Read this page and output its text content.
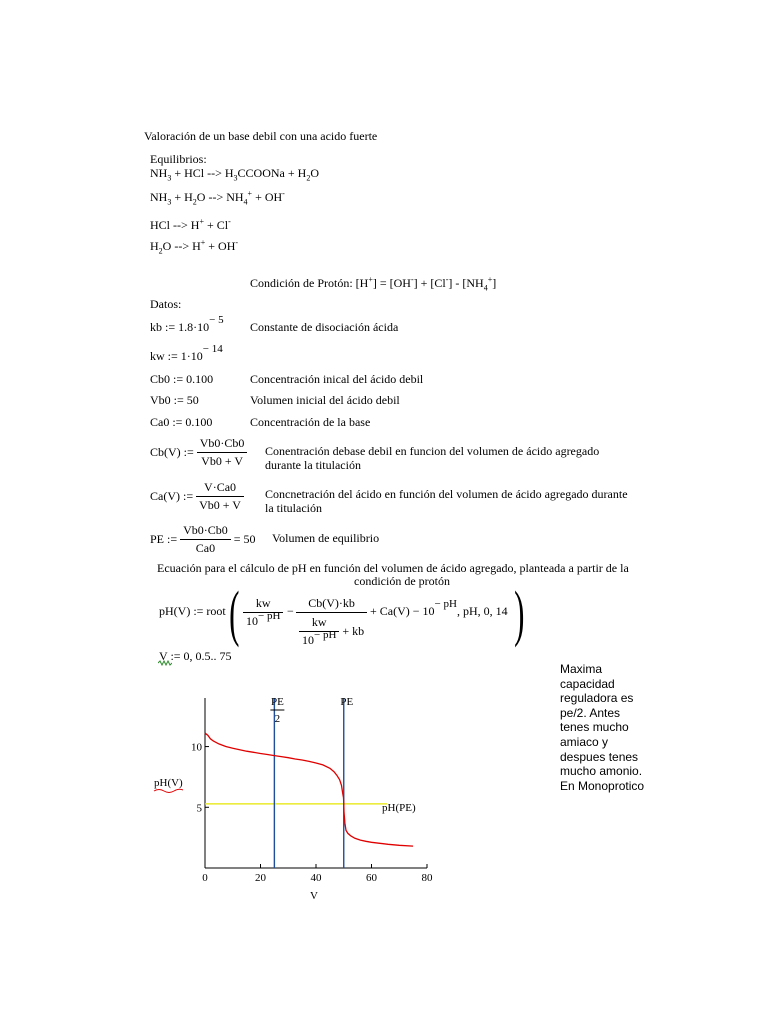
Valoración de un base debil con una acido fuerte
Equilibrios:
$NH_3$ + HCl --> $H_3CCOONa + H_2O$
$NH_3 + H_2O$ --> $NH_4^+ + OH^-$
HCl --> H+ + Cl-
$H_2O$ --> H+ + OH-
Condición de Protón: $[H^+] = [OH^-] + [Cl^-] - [NH_4^+]$
Datos:
kb := 1.8·10− 5 Constante de disociación ácida
kw := 1·10− 14
Cb0 := 0.100	Concentración inical del ácido debil
Vb0 := 50	Volumen inicial del ácido debil
Ca0 := 0.100	Concentración de la base
Cb(V) := $\frac{Vb0\cdot Cb0}{Vb0 + V}$ Conentración debase debil en funcion del volumen de ácido agregado durante la titulación
Ca(V) := $\frac{V\cdot Ca0}{Vb0 + V}$ Concnetración del ácido en función del volumen de ácido agregado durante la titulación
PE := $\frac{Vb0\cdot Cb0}{Ca0} = 50$ Volumen de equilibrio
Ecuación para el cálculo de pH en función del volumen de ácido agregado, planteada a partir de la
condición de protón
pH(V) := root ( $\frac{kw}{10- pH} - \frac{Cb(V)\cdot kb}{\frac{kw}{10- pH} + kb} + Ca(V) - 10-$ pH, pH, 0, 14 )
V := 0, 0.5.. 75
Maxima capacidad reguladora es pe/2. Antes tenes mucho amiaco y despues tenes mucho amonio. En Monoprotico
0	20	40	60	80
5
10
V
pH(V)
pH(PE)
PE
2
PE
